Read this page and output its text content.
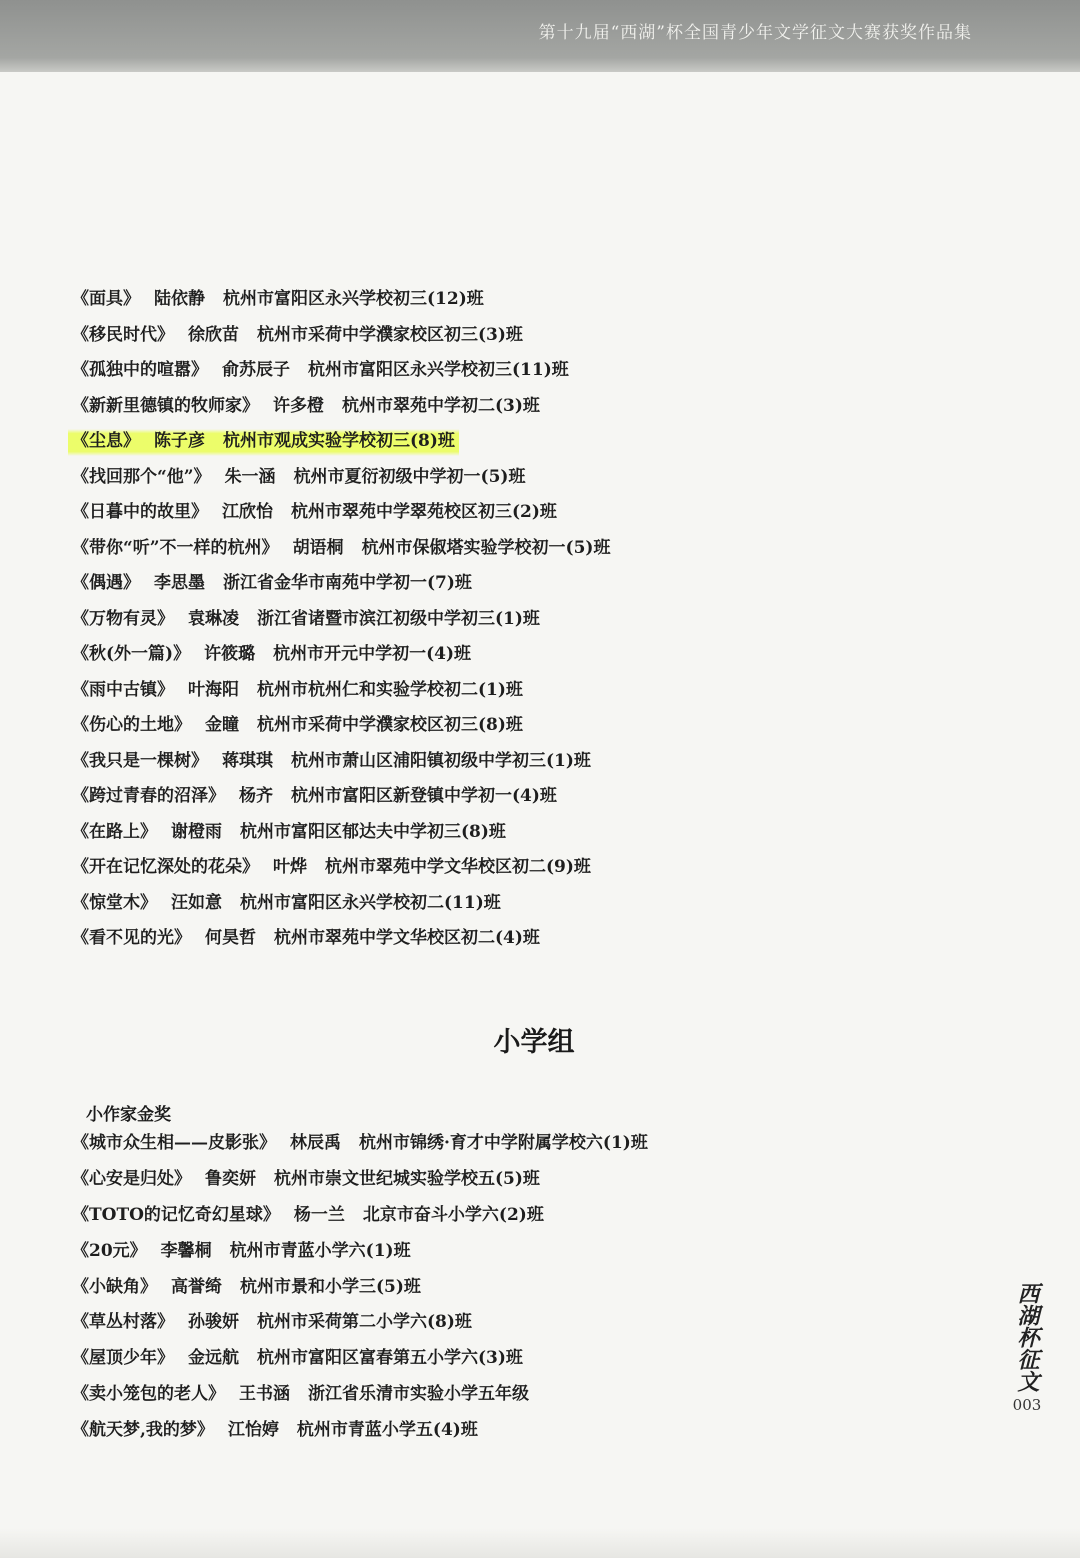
第十九届“西湖”杯全国青少年文学征文大赛获奖作品集
《面具》 陆依静 杭州市富阳区永兴学校初三(12)班
《移民时代》 徐欣苗 杭州市采荷中学濮家校区初三(3)班
《孤独中的喧嚣》 俞苏辰子 杭州市富阳区永兴学校初三(11)班
《新新里德镇的牧师家》 许多橙 杭州市翠苑中学初二(3)班
《尘息》 陈子彦 杭州市观成实验学校初三(8)班
《找回那个“他”》 朱一涵 杭州市夏衍初级中学初一(5)班
《日暮中的故里》 江欣怡 杭州市翠苑中学翠苑校区初三(2)班
《带你“听”不一样的杭州》 胡语桐 杭州市保俶塔实验学校初一(5)班
《偶遇》 李思墨 浙江省金华市南苑中学初一(7)班
《万物有灵》 袁琳凌 浙江省诸暨市滨江初级中学初三(1)班
《秋(外一篇)》 许筱璐 杭州市开元中学初一(4)班
《雨中古镇》 叶海阳 杭州市杭州仁和实验学校初二(1)班
《伤心的土地》 金瞳 杭州市采荷中学濮家校区初三(8)班
《我只是一棵树》 蒋琪琪 杭州市萧山区浦阳镇初级中学初三(1)班
《跨过青春的沼泽》 杨齐 杭州市富阳区新登镇中学初一(4)班
《在路上》 谢橙雨 杭州市富阳区郁达夫中学初三(8)班
《开在记忆深处的花朵》 叶烨 杭州市翠苑中学文华校区初二(9)班
《惊堂木》 汪如意 杭州市富阳区永兴学校初二(11)班
《看不见的光》 何昊哲 杭州市翠苑中学文华校区初二(4)班
小学组
小作家金奖
《城市众生相——皮影张》 林辰禹 杭州市锦绣·育才中学附属学校六(1)班
《心安是归处》 鲁奕妍 杭州市崇文世纪城实验学校五(5)班
《TOTO的记忆奇幻星球》 杨一兰 北京市奋斗小学六(2)班
《20元》 李馨桐 杭州市青蓝小学六(1)班
《小缺角》 高誉绮 杭州市景和小学三(5)班
《草丛村落》 孙骏妍 杭州市采荷第二小学六(8)班
《屋顶少年》 金远航 杭州市富阳区富春第五小学六(3)班
《卖小笼包的老人》 王书涵 浙江省乐清市实验小学五年级
《航天梦,我的梦》 江怡婷 杭州市青蓝小学五(4)班
西湖杯征文
003
